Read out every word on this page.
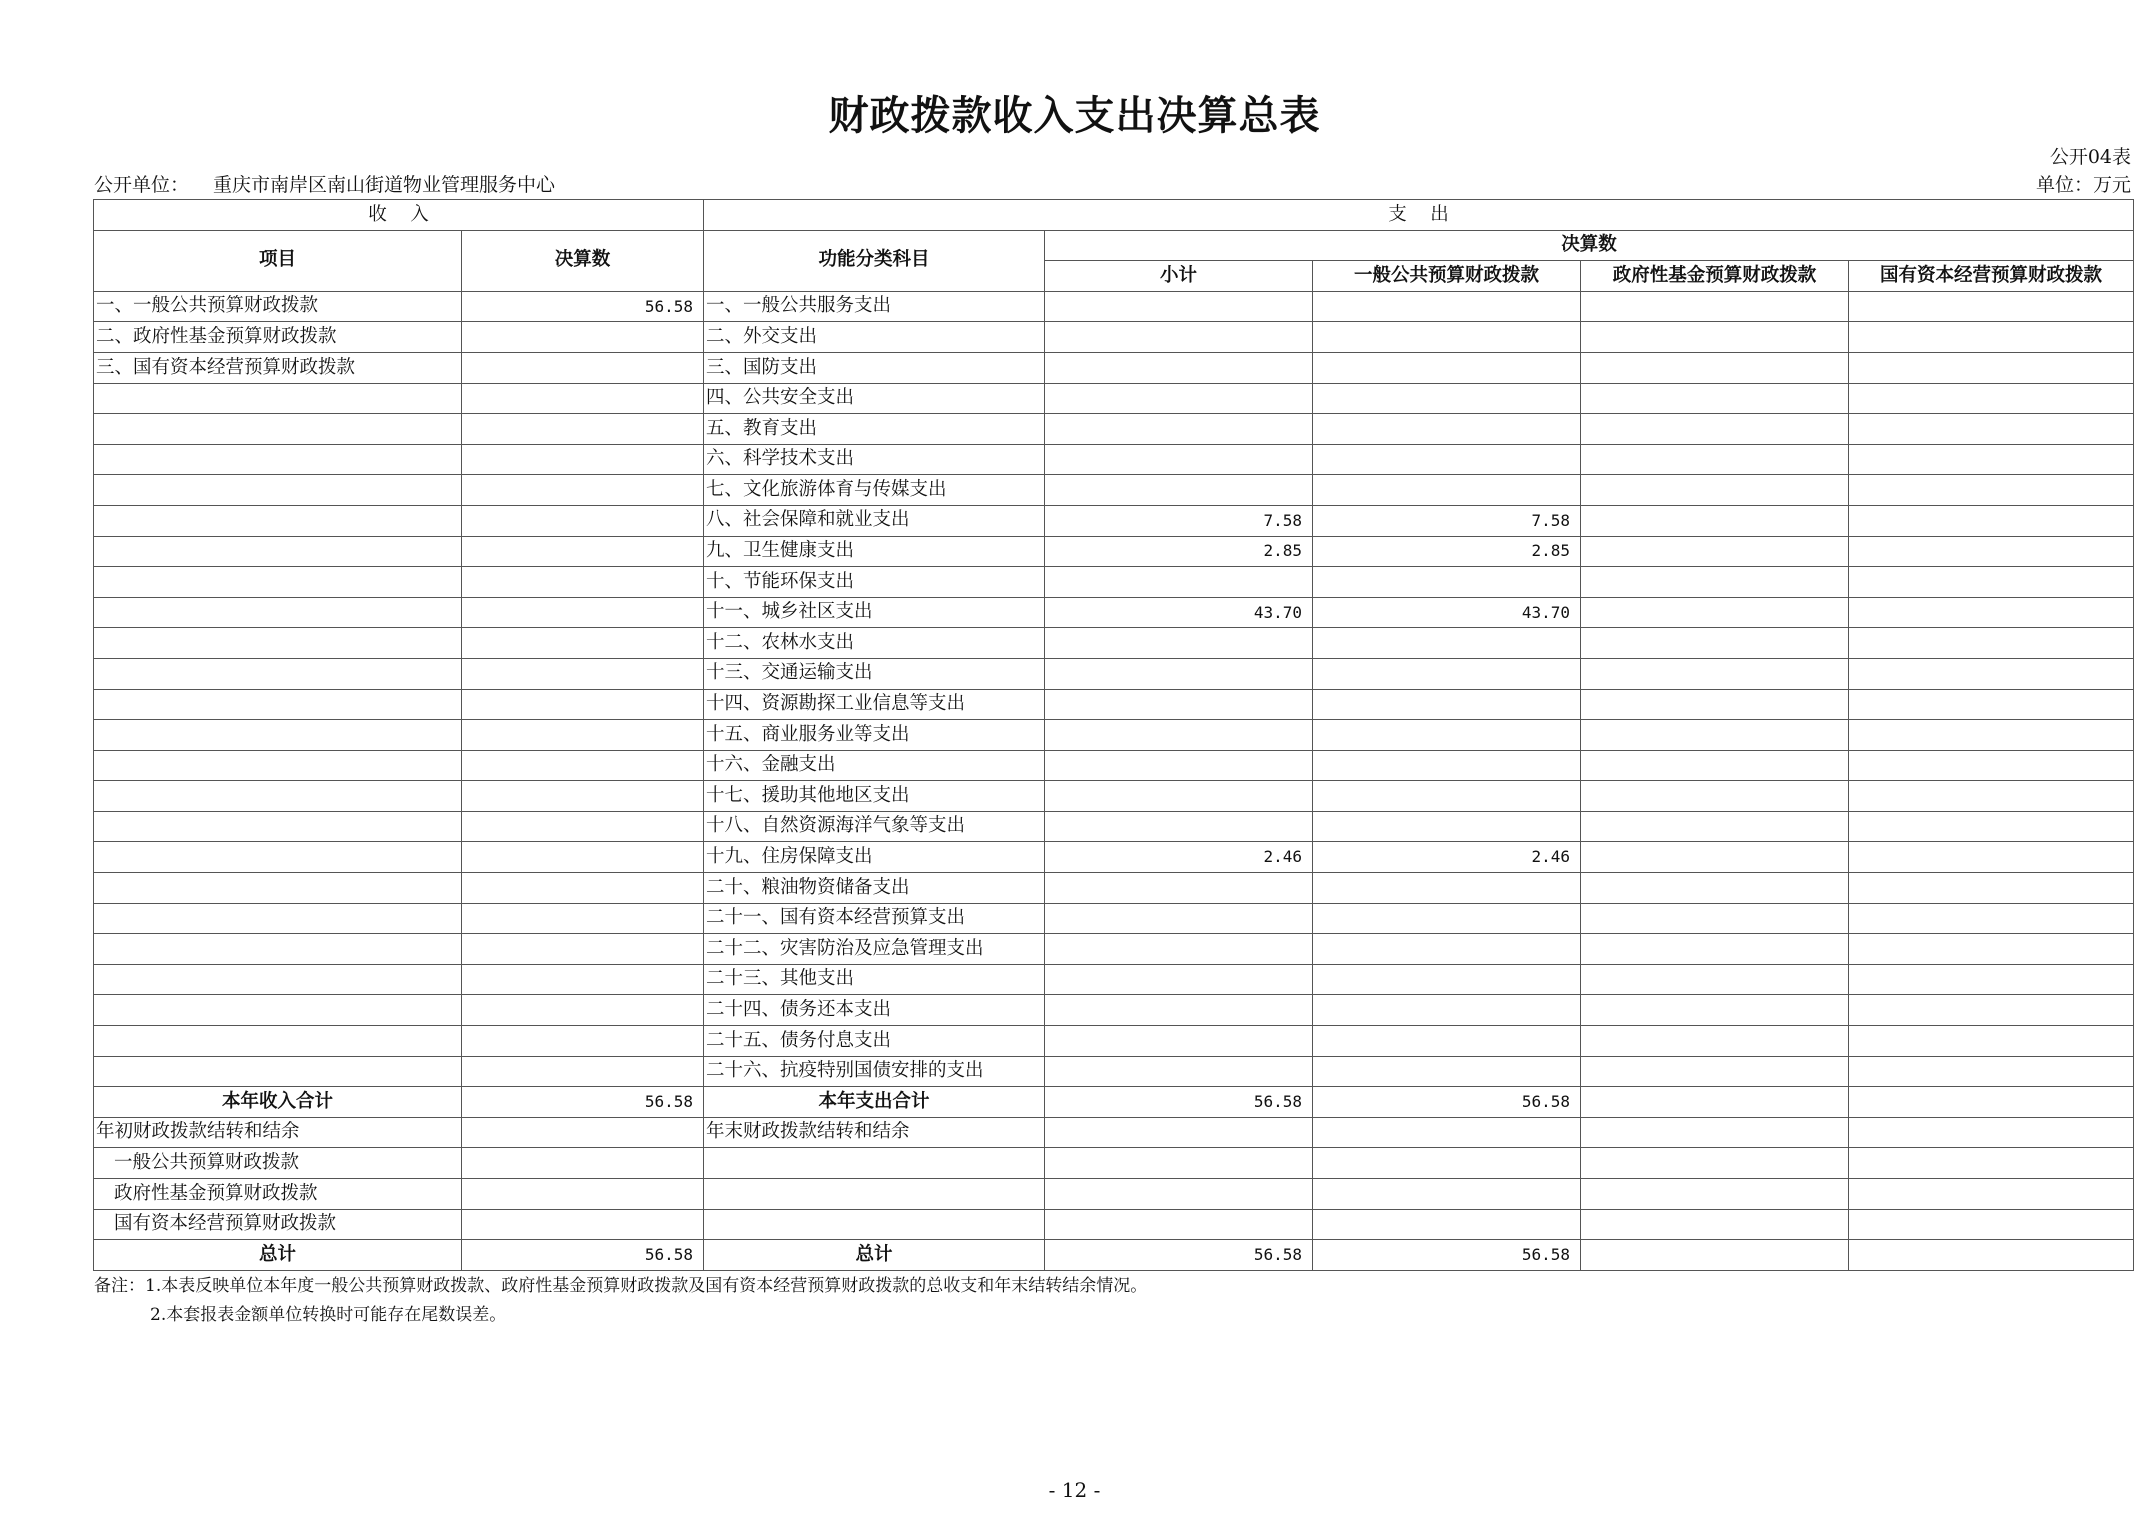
财政拨款收入支出决算总表
公开04表
公开单位： 重庆市南岸区南山街道物业管理服务中心	单位：万元
收    入		支    出				
项目	决算数	功能分类科目	决算数			
			小计	一般公共预算财政拨款	政府性基金预算财政拨款	国有资本经营预算财政拨款
一、一般公共预算财政拨款	56.58	一、一般公共服务支出				
二、政府性基金预算财政拨款		二、外交支出				
三、国有资本经营预算财政拨款		三、国防支出				
		四、公共安全支出				
		五、教育支出				
		六、科学技术支出				
		七、文化旅游体育与传媒支出				
		八、社会保障和就业支出	7.58	7.58		
		九、卫生健康支出	2.85	2.85		
		十、节能环保支出				
		十一、城乡社区支出	43.70	43.70		
		十二、农林水支出				
		十三、交通运输支出				
		十四、资源勘探工业信息等支出				
		十五、商业服务业等支出				
		十六、金融支出				
		十七、援助其他地区支出				
		十八、自然资源海洋气象等支出				
		十九、住房保障支出	2.46	2.46		
		二十、粮油物资储备支出				
		二十一、国有资本经营预算支出				
		二十二、灾害防治及应急管理支出				
		二十三、其他支出				
		二十四、债务还本支出				
		二十五、债务付息支出				
		二十六、抗疫特别国债安排的支出				
本年收入合计	56.58	本年支出合计	56.58	56.58		
年初财政拨款结转和结余		年末财政拨款结转和结余				
一般公共预算财政拨款						
政府性基金预算财政拨款						
国有资本经营预算财政拨款						
总计	56.58	总计	56.58	56.58		
备注：1.本表反映单位本年度一般公共预算财政拨款、政府性基金预算财政拨款及国有资本经营预算财政拨款的总收支和年末结转结余情况。
2.本套报表金额单位转换时可能存在尾数误差。
- 12 -
